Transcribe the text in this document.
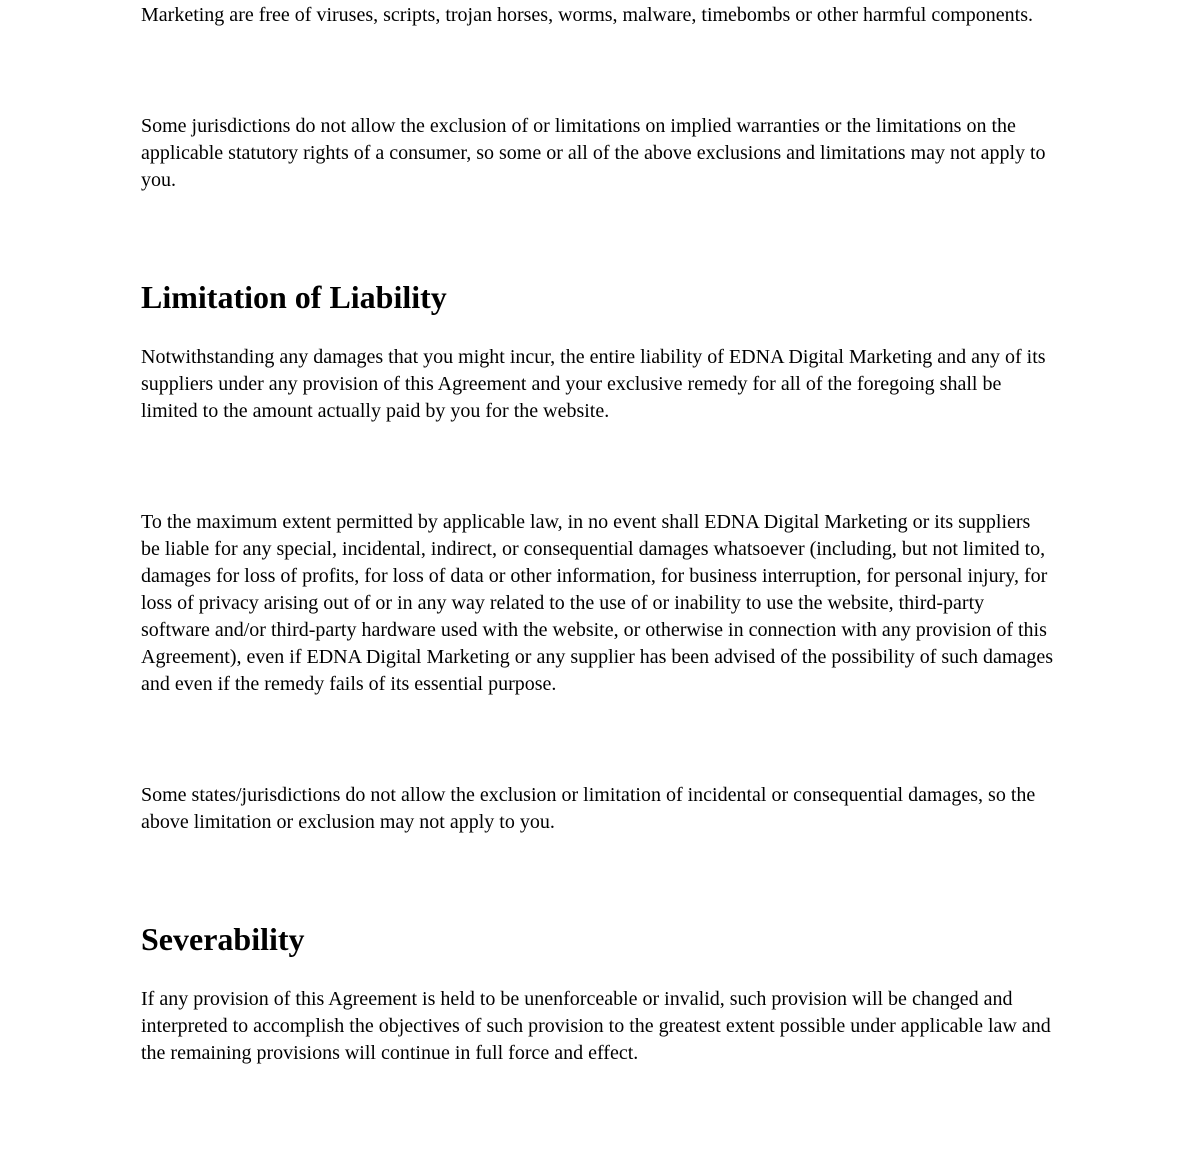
Marketing are free of viruses, scripts, trojan horses, worms, malware, timebombs or other harmful components.

Some jurisdictions do not allow the exclusion of or limitations on implied warranties or the limitations on the applicable statutory rights of a consumer, so some or all of the above exclusions and limitations may not apply to you.

Limitation of Liability

Notwithstanding any damages that you might incur, the entire liability of EDNA Digital Marketing and any of its suppliers under any provision of this Agreement and your exclusive remedy for all of the foregoing shall be limited to the amount actually paid by you for the website.

To the maximum extent permitted by applicable law, in no event shall EDNA Digital Marketing or its suppliers be liable for any special, incidental, indirect, or consequential damages whatsoever (including, but not limited to, damages for loss of profits, for loss of data or other information, for business interruption, for personal injury, for loss of privacy arising out of or in any way related to the use of or inability to use the website, third-party software and/or third-party hardware used with the website, or otherwise in connection with any provision of this Agreement), even if EDNA Digital Marketing or any supplier has been advised of the possibility of such damages and even if the remedy fails of its essential purpose.

Some states/jurisdictions do not allow the exclusion or limitation of incidental or consequential damages, so the above limitation or exclusion may not apply to you.

Severability

If any provision of this Agreement is held to be unenforceable or invalid, such provision will be changed and interpreted to accomplish the objectives of such provision to the greatest extent possible under applicable law and the remaining provisions will continue in full force and effect.
